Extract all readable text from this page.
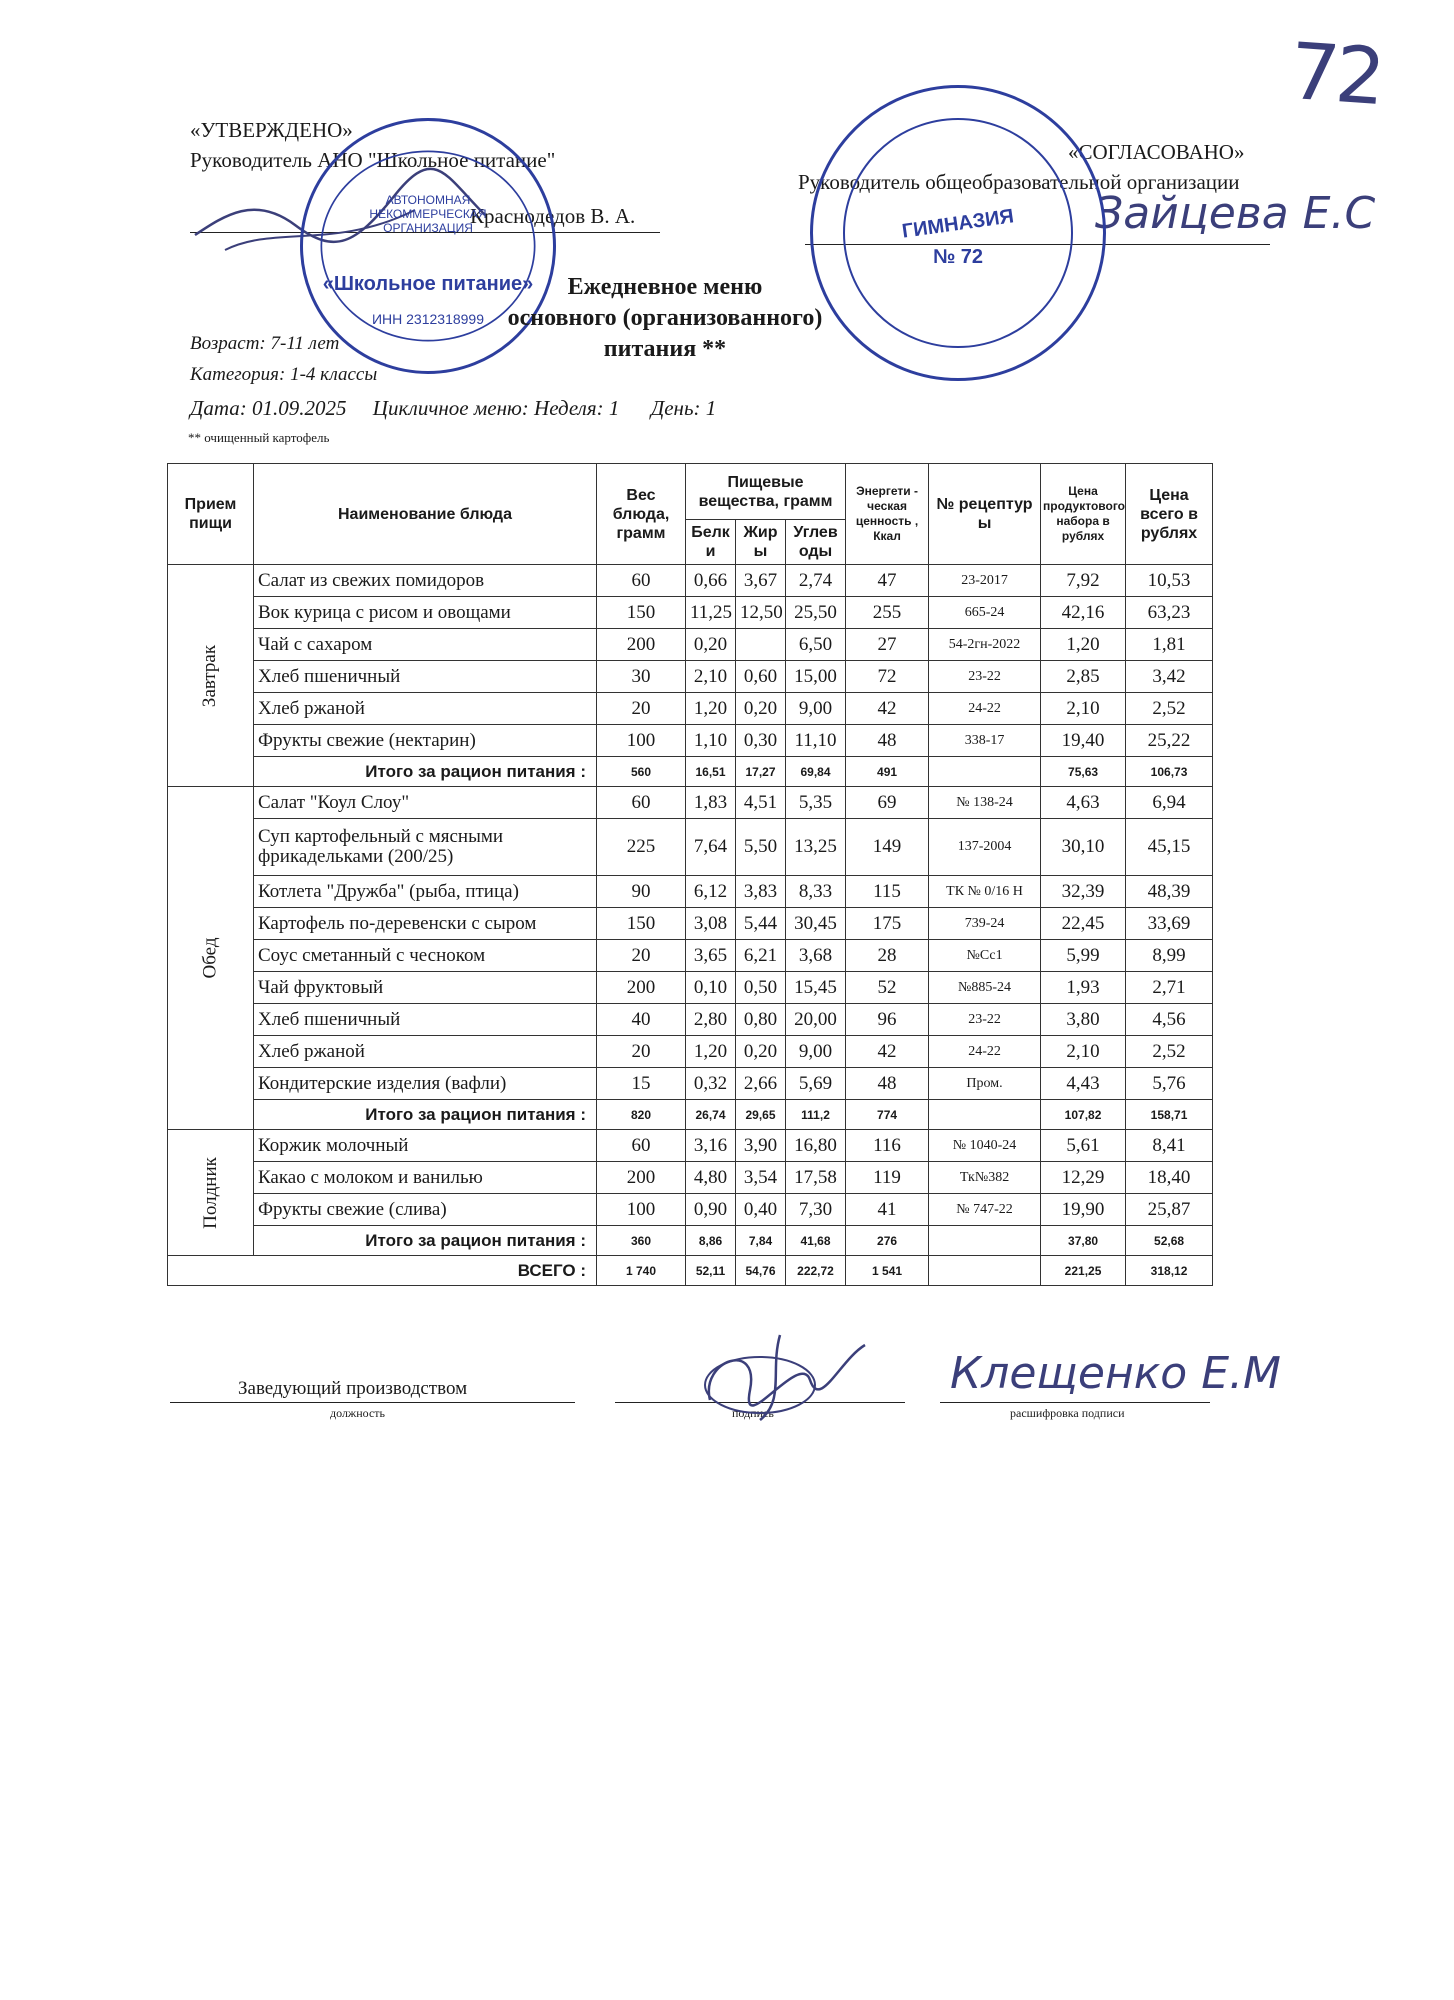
72
«УТВЕРЖДЕНО»
Руководитель АНО "Школьное питание"
Краснодедов В. А.
АВТОНОМНАЯ НЕКОММЕРЧЕСКАЯ ОРГАНИЗАЦИЯ
«Школьное питание»
ИНН 2312318999
«СОГЛАСОВАНО»
Руководитель общеобразовательной организации
Зайцева Е.С
ГИМНАЗИЯ
№ 72
Ежедневное меню
основного (организованного) питания **
Возраст: 7-11 лет
Категория: 1-4 классы
Дата: 01.09.2025     Цикличное меню: Неделя: 1      День: 1
** очищенный картофель
Прием пищи	Наименование блюда	Вес блюда, грамм	Пищевые вещества, грамм			Энергети - ческая ценность , Ккал	№ рецептур ы	Цена продуктового набора в рублях	Цена всего в рублях
			Белк и	Жир ы	Углев оды				
Завтрак	Салат из свежих помидоров	60	0,66	3,67	2,74	47	23-2017	7,92	10,53
	Вок курица с рисом и овощами	150	11,25	12,50	25,50	255	665-24	42,16	63,23
	Чай с сахаром	200	0,20		6,50	27	54-2гн-2022	1,20	1,81
	Хлеб пшеничный	30	2,10	0,60	15,00	72	23-22	2,85	3,42
	Хлеб ржаной	20	1,20	0,20	9,00	42	24-22	2,10	2,52
	Фрукты свежие (нектарин)	100	1,10	0,30	11,10	48	338-17	19,40	25,22
	Итого за рацион питания :	560	16,51	17,27	69,84	491		75,63	106,73
Обед	Салат "Коул Слоу"	60	1,83	4,51	5,35	69	№ 138-24	4,63	6,94
	Суп картофельный с мясными фрикадельками (200/25)	225	7,64	5,50	13,25	149	137-2004	30,10	45,15
	Котлета "Дружба" (рыба, птица)	90	6,12	3,83	8,33	115	ТК № 0/16 Н	32,39	48,39
	Картофель по-деревенски с сыром	150	3,08	5,44	30,45	175	739-24	22,45	33,69
	Соус сметанный с чесноком	20	3,65	6,21	3,68	28	№Сс1	5,99	8,99
	Чай фруктовый	200	0,10	0,50	15,45	52	№885-24	1,93	2,71
	Хлеб пшеничный	40	2,80	0,80	20,00	96	23-22	3,80	4,56
	Хлеб ржаной	20	1,20	0,20	9,00	42	24-22	2,10	2,52
	Кондитерские изделия (вафли)	15	0,32	2,66	5,69	48	Пром.	4,43	5,76
	Итого за рацион питания :	820	26,74	29,65	111,2	774		107,82	158,71
Полдник	Коржик молочный	60	3,16	3,90	16,80	116	№ 1040-24	5,61	8,41
	Какао с молоком и ванилью	200	4,80	3,54	17,58	119	Тк№382	12,29	18,40
	Фрукты свежие (слива)	100	0,90	0,40	7,30	41	№ 747-22	19,90	25,87
	Итого за рацион питания :	360	8,86	7,84	41,68	276		37,80	52,68
ВСЕГО :		1 740	52,11	54,76	222,72	1 541		221,25	318,12
Заведующий производством
должность	подпись	расшифровка подписи
Клещенко Е.М
